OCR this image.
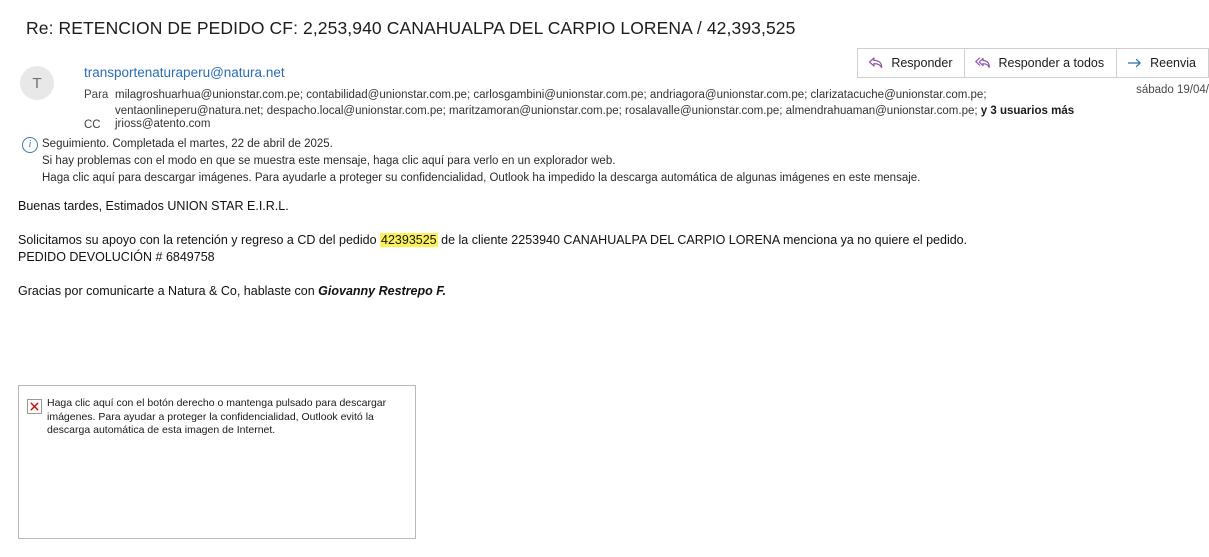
Re: RETENCION DE PEDIDO CF: 2,253,940 CANAHUALPA DEL CARPIO LORENA / 42,393,525
Responder	Responder a todos	Reenvia
T
transportenaturaperu@natura.net
sábado 19/04/
Para milagroshuarhua@unionstar.com.pe; contabilidad@unionstar.com.pe; carlosgambini@unionstar.com.pe; andriagora@unionstar.com.pe; clarizatacuche@unionstar.com.pe;
ventaonlineperu@natura.net; despacho.local@unionstar.com.pe; maritzamoran@unionstar.com.pe; rosalavalle@unionstar.com.pe; almendrahuaman@unionstar.com.pe; y 3 usuarios más
CC jrioss@atento.com
i Seguimiento. Completada el martes, 22 de abril de 2025.
Si hay problemas con el modo en que se muestra este mensaje, haga clic aquí para verlo en un explorador web.
Haga clic aquí para descargar imágenes. Para ayudarle a proteger su confidencialidad, Outlook ha impedido la descarga automática de algunas imágenes en este mensaje.

Buenas tardes, Estimados UNION STAR E.I.R.L.

Solicitamos su apoyo con la retención y regreso a CD del pedido 42393525 de la cliente 2253940 CANAHUALPA DEL CARPIO LORENA menciona ya no quiere el pedido.

PEDIDO DEVOLUCIÓN # 6849758

Gracias por comunicarte a Natura & Co, hablaste con Giovanny Restrepo F.

Haga clic aquí con el botón derecho o mantenga pulsado para descargar imágenes. Para ayudar a proteger la confidencialidad, Outlook evitó la descarga automática de esta imagen de Internet.
